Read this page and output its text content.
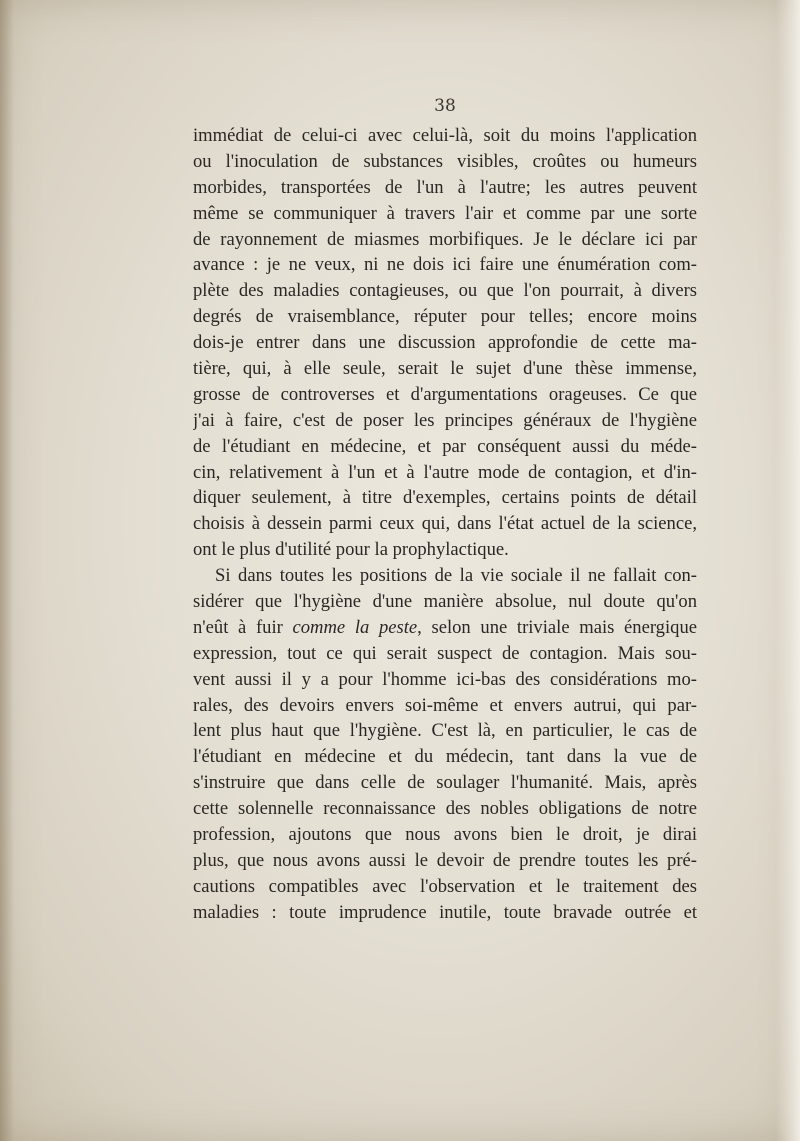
38
immédiat de celui-ci avec celui-là, soit du moins l'application
ou l'inoculation de substances visibles, croûtes ou humeurs
morbides, transportées de l'un à l'autre; les autres peuvent
même se communiquer à travers l'air et comme par une sorte
de rayonnement de miasmes morbifiques. Je le déclare ici par
avance : je ne veux, ni ne dois ici faire une énumération com-
plète des maladies contagieuses, ou que l'on pourrait, à divers
degrés de vraisemblance, réputer pour telles; encore moins
dois-je entrer dans une discussion approfondie de cette ma-
tière, qui, à elle seule, serait le sujet d'une thèse immense,
grosse de controverses et d'argumentations orageuses. Ce que
j'ai à faire, c'est de poser les principes généraux de l'hygiène
de l'étudiant en médecine, et par conséquent aussi du méde-
cin, relativement à l'un et à l'autre mode de contagion, et d'in-
diquer seulement, à titre d'exemples, certains points de détail
choisis à dessein parmi ceux qui, dans l'état actuel de la science,
ont le plus d'utilité pour la prophylactique.
Si dans toutes les positions de la vie sociale il ne fallait con-
sidérer que l'hygiène d'une manière absolue, nul doute qu'on
n'eût à fuir comme la peste, selon une triviale mais énergique
expression, tout ce qui serait suspect de contagion. Mais sou-
vent aussi il y a pour l'homme ici-bas des considérations mo-
rales, des devoirs envers soi-même et envers autrui, qui par-
lent plus haut que l'hygiène. C'est là, en particulier, le cas de
l'étudiant en médecine et du médecin, tant dans la vue de
s'instruire que dans celle de soulager l'humanité. Mais, après
cette solennelle reconnaissance des nobles obligations de notre
profession, ajoutons que nous avons bien le droit, je dirai
plus, que nous avons aussi le devoir de prendre toutes les pré-
cautions compatibles avec l'observation et le traitement des
maladies : toute imprudence inutile, toute bravade outrée et
